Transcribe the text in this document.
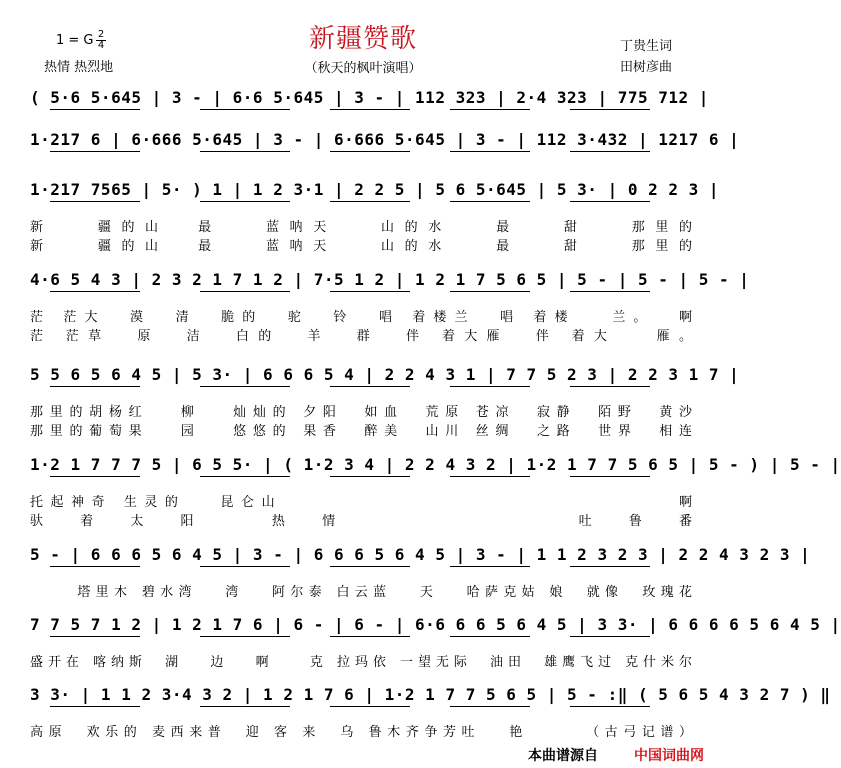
新疆赞歌
（秋天的枫叶演唱）
1 = G 2
4
热情 热烈地
丁贵生词
田树彦曲
( 5·6 5·645 | 3 - | 6·6 5·645 | 3 - | 112 323 | 2·4 323 | 775 712 |
1·217 6 | 6·666 5·645 | 3 - | 6·666 5·645 | 3 - | 112 3·432 | 1217 6 |
1·217 7565 | 5· ) 1 | 1 2 3·1 | 2 2 5 | 5 6 5·645 | 5 3· | 0 2 2 3 |
新   疆的山  最   蓝呐天   山的水   最   甜   那里的
新   疆的山  最   蓝呐天   山的水   最   甜   那里的
4·6 5 4 3 | 2 3 2 1 7 1 2 | 7·5 1 2 | 1 2 1 7 5 6 5 | 5 - | 5 - | 5 - |
茫 茫大  漠  清  脆的  驼  铃  唱 着楼兰  唱 着楼   兰。  啊
茫 茫草  原  洁  白的  羊  群  伴 着大雁  伴 着大   雁。
5 5 6 5 6 4 5 | 5 3· | 6 6 6 5 4 | 2 2 4 3 1 | 7 7 5 2 3 | 2 2 3 1 7 |
那里的胡杨红   柳   灿灿的 夕阳  如血  荒原 苍凉  寂静  陌野  黄沙
那里的葡萄果   园   悠悠的 果香  醉美  山川 丝绸  之路  世界  相连
1·2 1 7 7 7 5 | 6 5 5· | ( 1·2 3 4 | 2 2 4 3 2 | 1·2 1 7 7 5 6 5 | 5 - ) | 5 - |
托起神奇 生灵的   昆仑山                                  啊
驮着太阳 热情     吐鲁番
5 - | 6 6 6 5 6 4 5 | 3 - | 6 6 6 5 6 4 5 | 3 - | 1 1 2 3 2 3 | 2 2 4 3 2 3 |
塔里木 碧水湾   湾   阿尔泰 白云蓝   天   哈萨克姑 娘  就像  玫瑰花
7 7 5 7 1 2 | 1 2 1 7 6 | 6 - | 6 - | 6·6 6 6 5 6 4 5 | 3 3· | 6 6 6 6 5 6 4 5 |
盛开在 喀纳斯  湖   边   啊    克 拉玛依 一望无际  油田  雄鹰飞过 克什米尔
3 3· | 1 1 2 3·4 3 2 | 1 2 1 7 6 | 1·2 1 7 7 5 6 5 | 5 - :‖ ( 5 6 5 4 3 2 7 ) ‖
高原  欢乐的 麦西来普  迎 客 来  乌 鲁木齐争芳吐   艳      （古弓记谱）
本曲谱源自	中国词曲网
